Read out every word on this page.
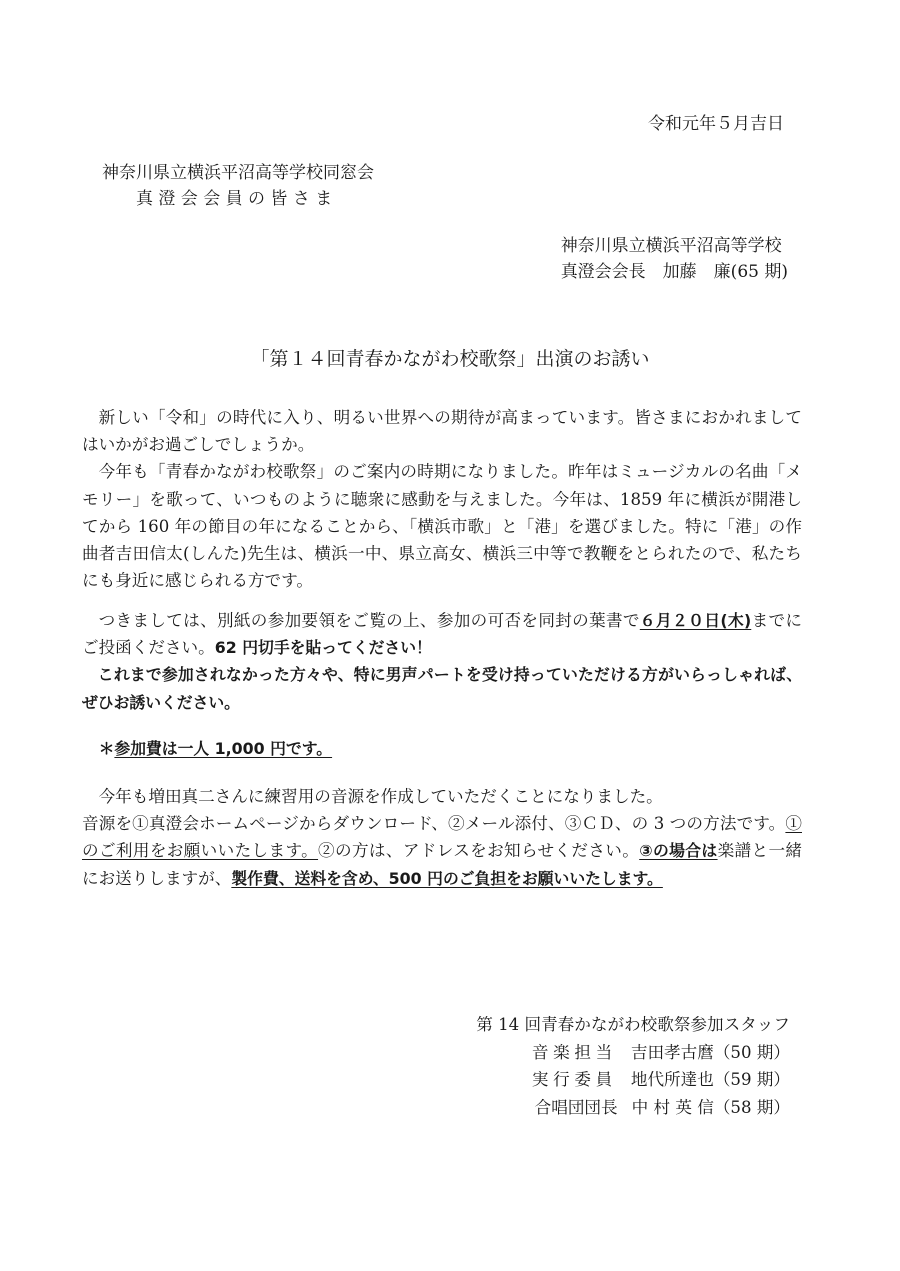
令和元年５月吉日
神奈川県立横浜平沼高等学校同窓会
真 澄 会 会 員 の 皆 さ ま
神奈川県立横浜平沼高等学校
真澄会会長　加藤　廉(65 期)
「第１４回青春かながわ校歌祭」出演のお誘い

新しい「令和」の時代に入り、明るい世界への期待が高まっています。皆さまにおかれましてはいかがお過ごしでしょうか。

今年も「青春かながわ校歌祭」のご案内の時期になりました。昨年はミュージカルの名曲「メモリー」を歌って、いつものように聴衆に感動を与えました。今年は、1859 年に横浜が開港してから 160 年の節目の年になることから、「横浜市歌」と「港」を選びました。特に「港」の作曲者吉田信太(しんた)先生は、横浜一中、県立高女、横浜三中等で教鞭をとられたので、私たちにも身近に感じられる方です。

つきましては、別紙の参加要領をご覧の上、参加の可否を同封の葉書で６月２０日(木)までにご投函ください。62 円切手を貼ってください！

これまで参加されなかった方々や、特に男声パートを受け持っていただける方がいらっしゃれば、ぜひお誘いください。

＊参加費は一人 1,000 円です。

今年も増田真二さんに練習用の音源を作成していただくことになりました。

音源を①真澄会ホームページからダウンロード、②メール添付、③ＣＤ、の 3 つの方法です。①のご利用をお願いいたします。②の方は、アドレスをお知らせください。③の場合は楽譜と一緒にお送りしますが、製作費、送料を含め、500 円のご負担をお願いいたします。

第 14 回青春かながわ校歌祭参加スタッフ
音楽担当 吉田孝古麿（50 期）
実行委員 地代所達也（59 期）
合唱団団長 中 村 英 信（58 期）
